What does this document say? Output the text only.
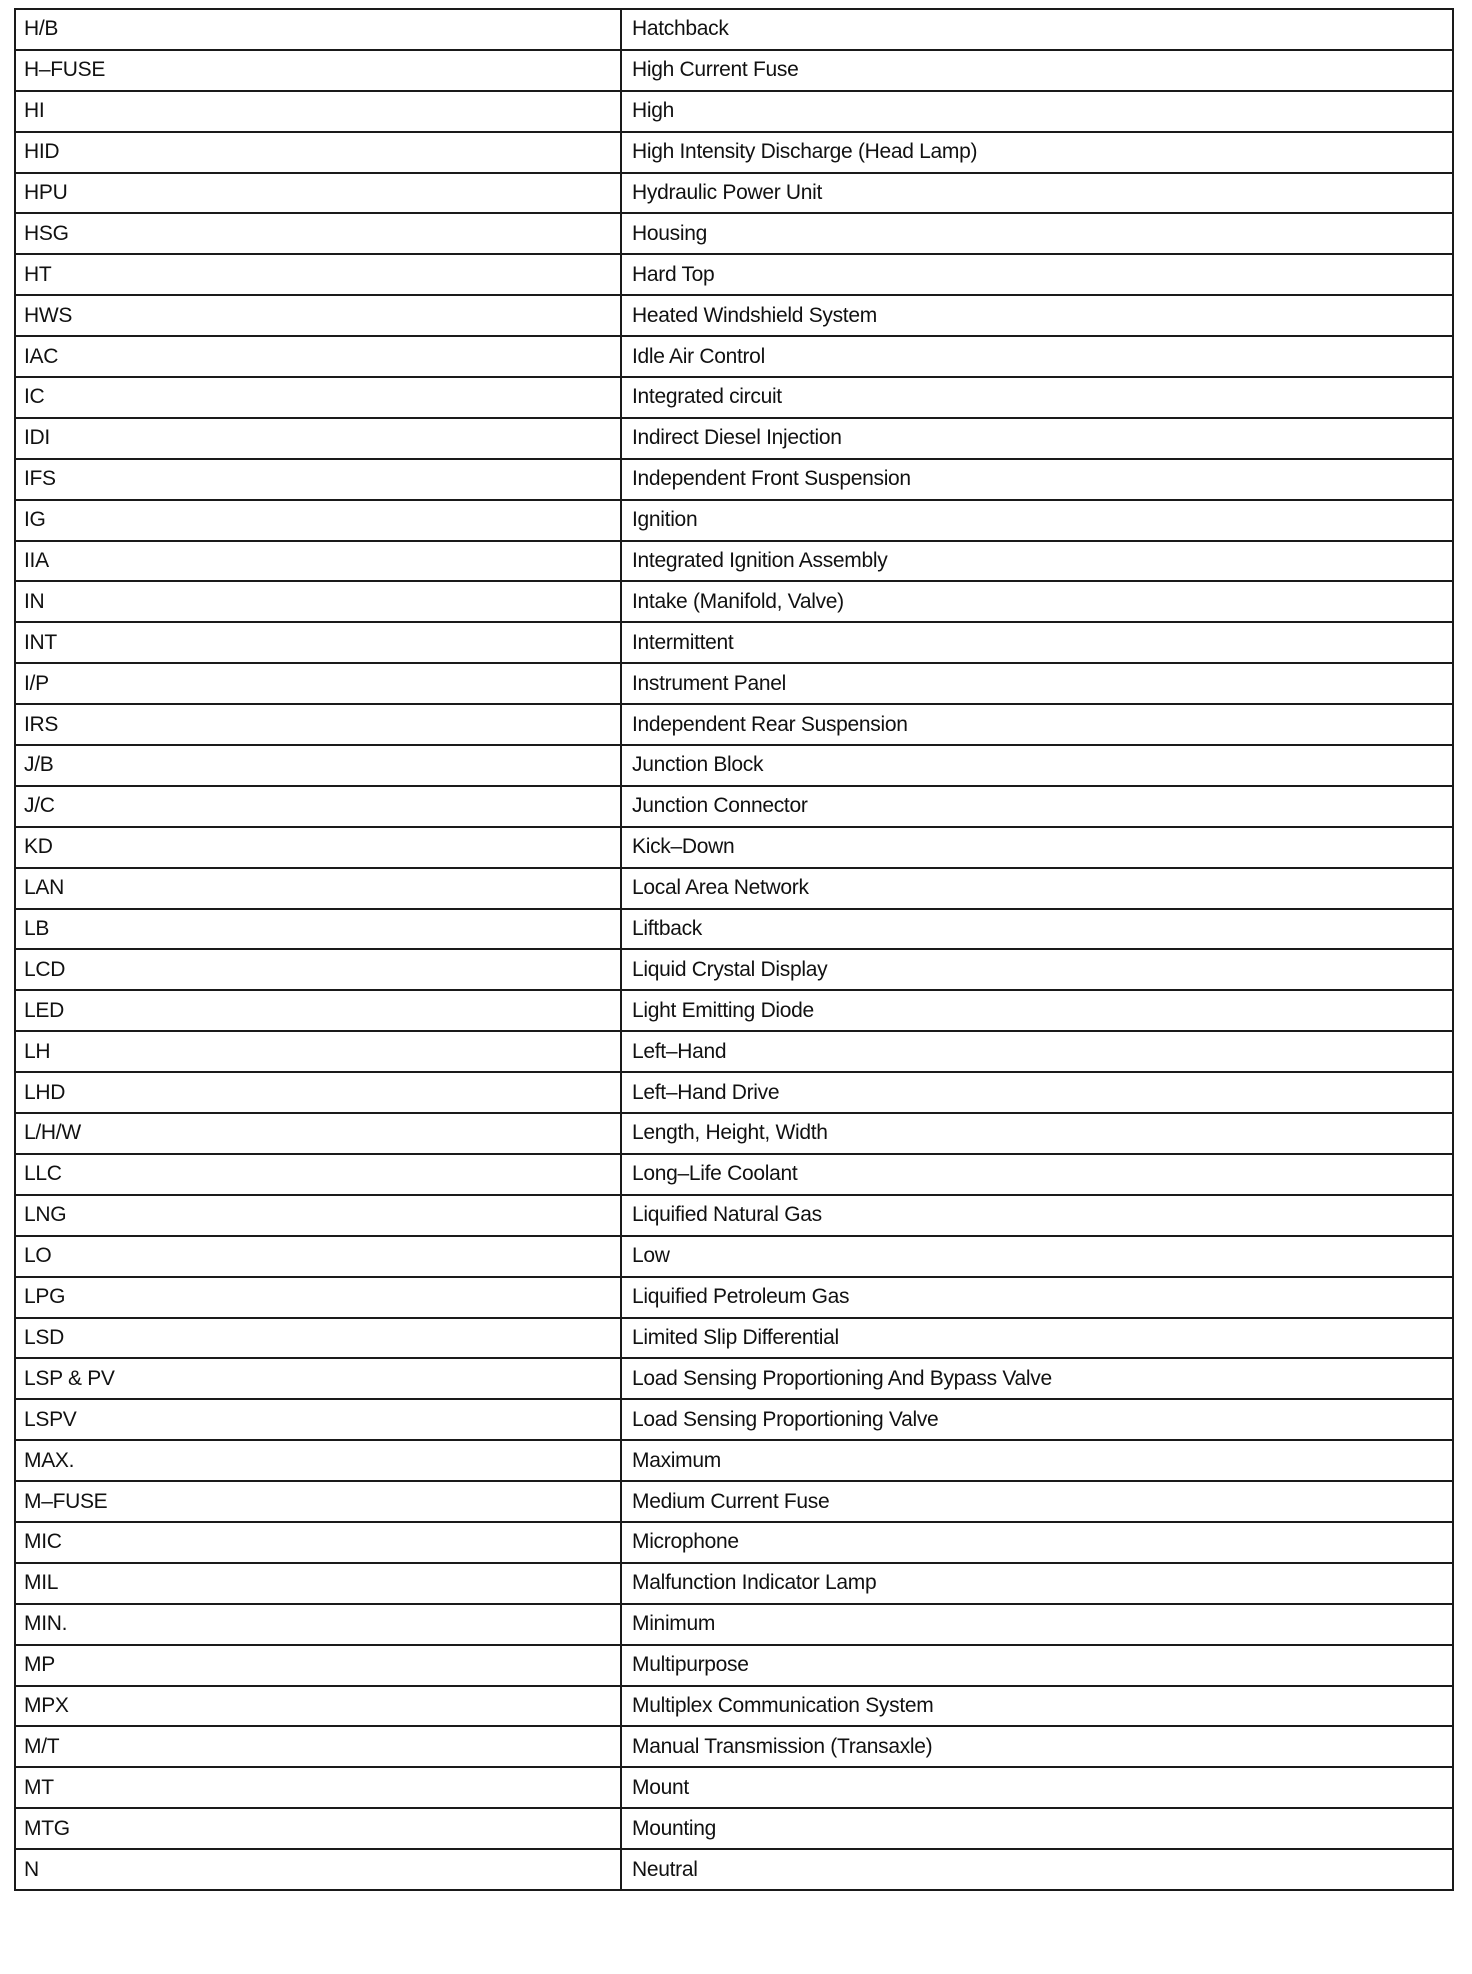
H/B	Hatchback
H–FUSE	High Current Fuse
HI	High
HID	High Intensity Discharge (Head Lamp)
HPU	Hydraulic Power Unit
HSG	Housing
HT	Hard Top
HWS	Heated Windshield System
IAC	Idle Air Control
IC	Integrated circuit
IDI	Indirect Diesel Injection
IFS	Independent Front Suspension
IG	Ignition
IIA	Integrated Ignition Assembly
IN	Intake (Manifold, Valve)
INT	Intermittent
I/P	Instrument Panel
IRS	Independent Rear Suspension
J/B	Junction Block
J/C	Junction Connector
KD	Kick–Down
LAN	Local Area Network
LB	Liftback
LCD	Liquid Crystal Display
LED	Light Emitting Diode
LH	Left–Hand
LHD	Left–Hand Drive
L/H/W	Length, Height, Width
LLC	Long–Life Coolant
LNG	Liquified Natural Gas
LO	Low
LPG	Liquified Petroleum Gas
LSD	Limited Slip Differential
LSP & PV	Load Sensing Proportioning And Bypass Valve
LSPV	Load Sensing Proportioning Valve
MAX.	Maximum
M–FUSE	Medium Current Fuse
MIC	Microphone
MIL	Malfunction Indicator Lamp
MIN.	Minimum
MP	Multipurpose
MPX	Multiplex Communication System
M/T	Manual Transmission (Transaxle)
MT	Mount
MTG	Mounting
N	Neutral
